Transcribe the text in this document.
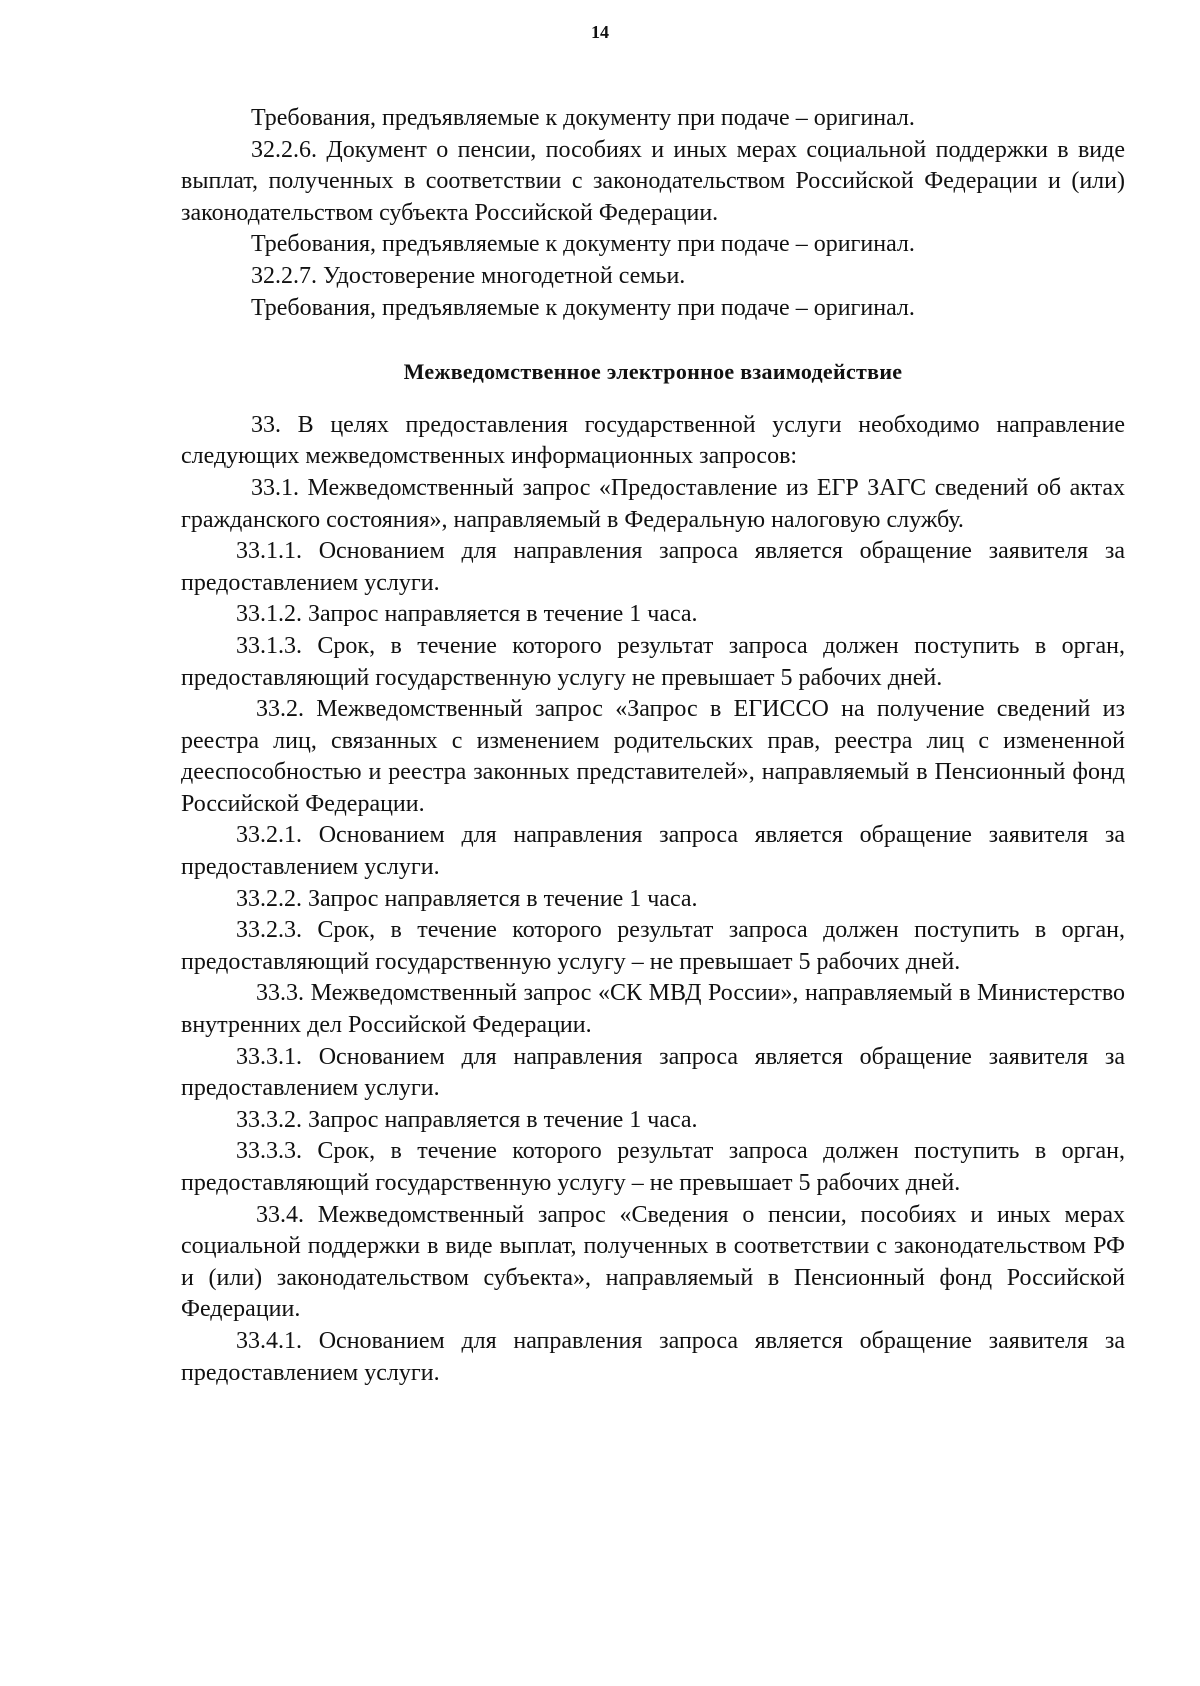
14

Требования, предъявляемые к документу при подаче – оригинал.

32.2.6. Документ о пенсии, пособиях и иных мерах социальной поддержки в виде выплат, полученных в соответствии с законодательством Российской Федерации и (или) законодательством субъекта Российской Федерации.

Требования, предъявляемые к документу при подаче – оригинал.

32.2.7. Удостоверение многодетной семьи.

Требования, предъявляемые к документу при подаче – оригинал.

Межведомственное электронное взаимодействие

33. В целях предоставления государственной услуги необходимо направление следующих межведомственных информационных запросов:

33.1. Межведомственный запрос «Предоставление из ЕГР ЗАГС сведений об актах гражданского состояния», направляемый в Федеральную налоговую службу.

33.1.1. Основанием для направления запроса является обращение заявителя за предоставлением услуги.

33.1.2. Запрос направляется в течение 1 часа.

33.1.3. Срок, в течение которого результат запроса должен поступить в орган, предоставляющий государственную услугу не превышает 5 рабочих дней.

33.2. Межведомственный запрос «Запрос в ЕГИССО на получение сведений из реестра лиц, связанных с изменением родительских прав, реестра лиц с измененной дееспособностью и реестра законных представителей», направляемый в Пенсионный фонд Российской Федерации.

33.2.1. Основанием для направления запроса является обращение заявителя за предоставлением услуги.

33.2.2. Запрос направляется в течение 1 часа.

33.2.3. Срок, в течение которого результат запроса должен поступить в орган, предоставляющий государственную услугу – не превышает 5 рабочих дней.

33.3. Межведомственный запрос «СК МВД России», направляемый в Министерство внутренних дел Российской Федерации.

33.3.1. Основанием для направления запроса является обращение заявителя за предоставлением услуги.

33.3.2. Запрос направляется в течение 1 часа.

33.3.3. Срок, в течение которого результат запроса должен поступить в орган, предоставляющий государственную услугу – не превышает 5 рабочих дней.

33.4. Межведомственный запрос «Сведения о пенсии, пособиях и иных мерах социальной поддержки в виде выплат, полученных в соответствии с законодательством РФ и (или) законодательством субъекта», направляемый в Пенсионный фонд Российской Федерации.

33.4.1. Основанием для направления запроса является обращение заявителя за предоставлением услуги.
